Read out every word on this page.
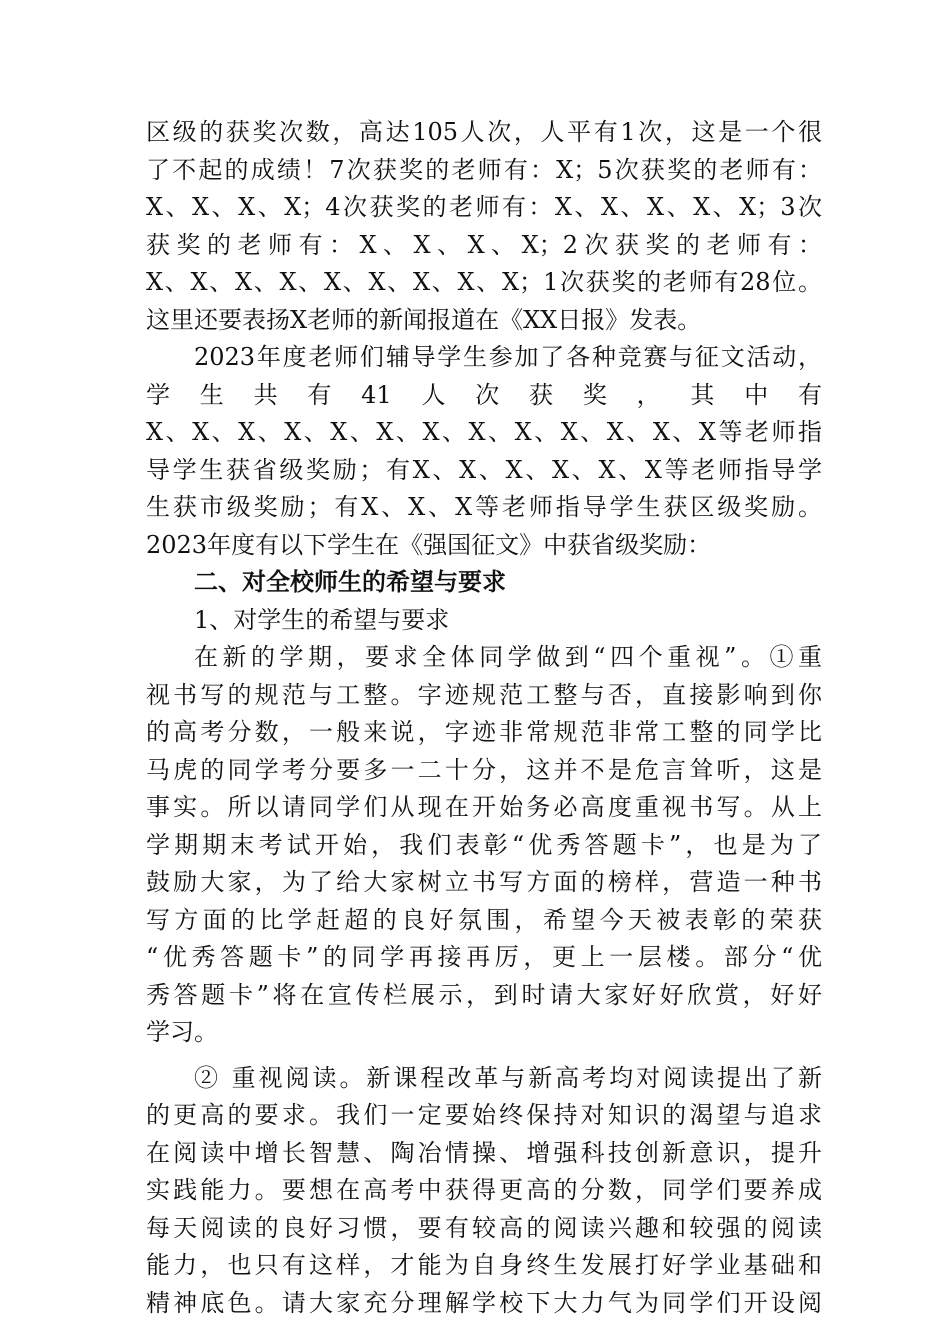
区级的获奖次数，高达105人次，人平有1次，这是一个很
了不起的成绩！7次获奖的老师有：X；5次获奖的老师有：
X、X、X、X；4次获奖的老师有：X、X、X、X、X；3次
获奖的老师有：X、X、X、X；2次获奖的老师有：
X、X、X、X、X、X、X、X、X；1次获奖的老师有28位。
这里还要表扬X老师的新闻报道在《XX日报》发表。
2023年度老师们辅导学生参加了各种竞赛与征文活动，
学生共有41人次获奖，其中有
X、X、X、X、X、X、X、X、X、X、X、X、X等老师指
导学生获省级奖励；有X、X、X、X、X、X等老师指导学
生获市级奖励；有X、X、X等老师指导学生获区级奖励。
2023年度有以下学生在《强国征文》中获省级奖励：
二、对全校师生的希望与要求
1、对学生的希望与要求
在新的学期，要求全体同学做到“四个重视”。①重
视书写的规范与工整。字迹规范工整与否，直接影响到你
的高考分数，一般来说，字迹非常规范非常工整的同学比
马虎的同学考分要多一二十分，这并不是危言耸听，这是
事实。所以请同学们从现在开始务必高度重视书写。从上
学期期末考试开始，我们表彰“优秀答题卡”，也是为了
鼓励大家，为了给大家树立书写方面的榜样，营造一种书
写方面的比学赶超的良好氛围，希望今天被表彰的荣获
“优秀答题卡”的同学再接再厉，更上一层楼。部分“优
秀答题卡”将在宣传栏展示，到时请大家好好欣赏，好好
学习。
② 重视阅读。新课程改革与新高考均对阅读提出了新
的更高的要求。我们一定要始终保持对知识的渴望与追求
在阅读中增长智慧、陶冶情操、增强科技创新意识，提升
实践能力。要想在高考中获得更高的分数，同学们要养成
每天阅读的良好习惯，要有较高的阅读兴趣和较强的阅读
能力，也只有这样，才能为自身终生发展打好学业基础和
精神底色。请大家充分理解学校下大力气为同学们开设阅
